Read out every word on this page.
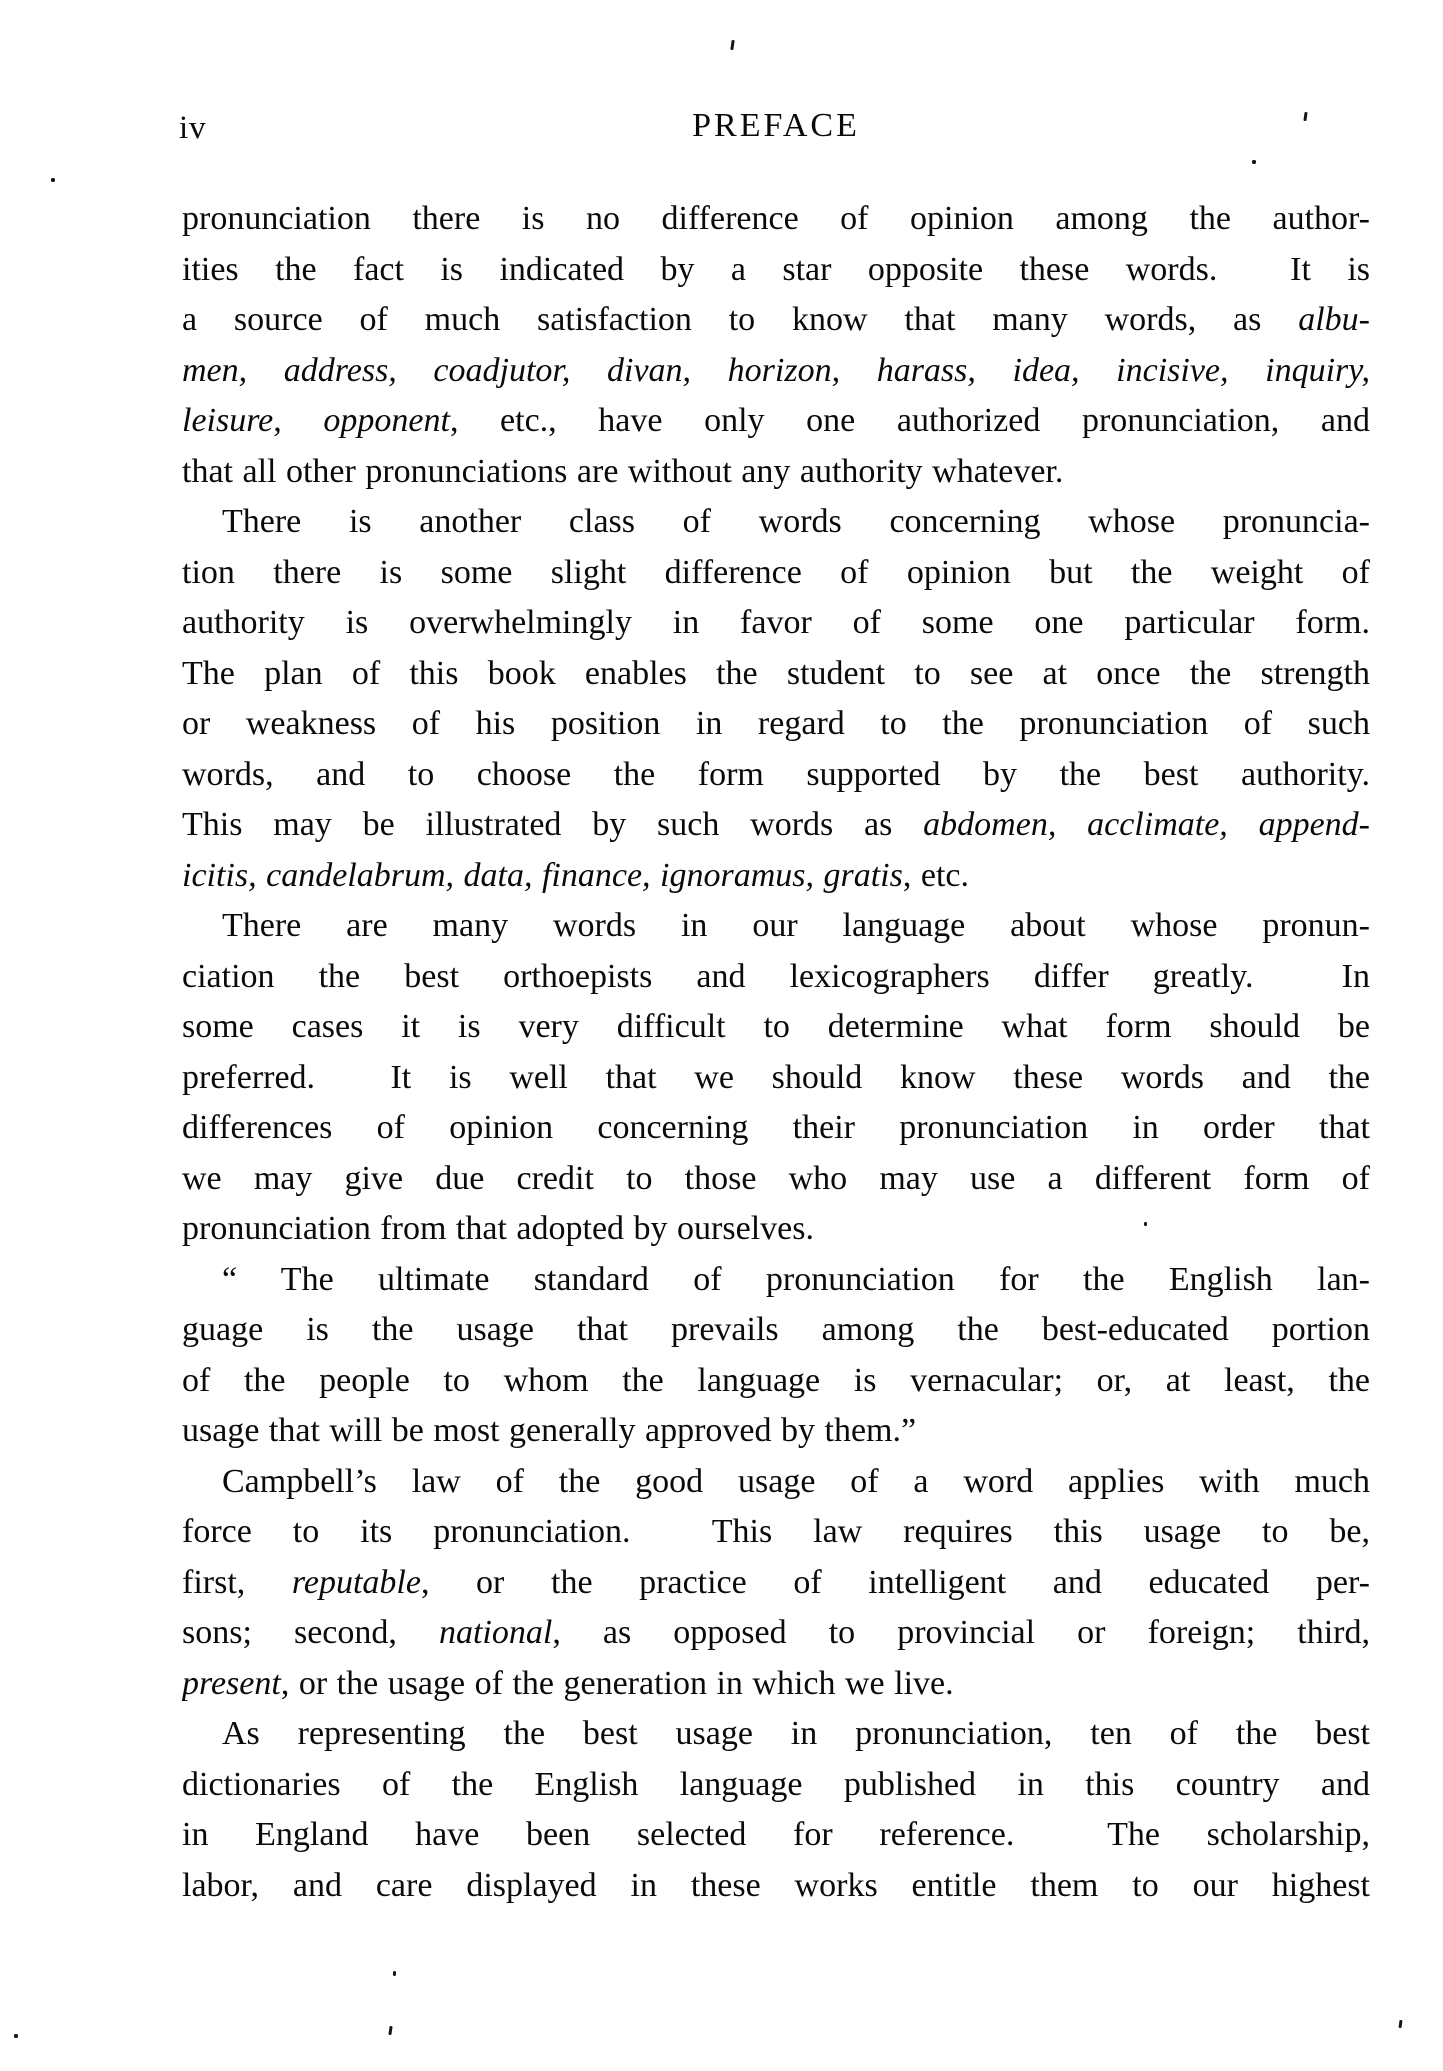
iv	PREFACE
pronunciation there is no difference of opinion among the author-
ities the fact is indicated by a star opposite these words.  It is
a source of much satisfaction to know that many words, as albu-
men, address, coadjutor, divan, horizon, harass, idea, incisive, inquiry,
leisure, opponent, etc., have only one authorized pronunciation, and
that all other pronunciations are without any authority whatever.
There is another class of words concerning whose pronuncia-
tion there is some slight difference of opinion but the weight of
authority is overwhelmingly in favor of some one particular form.
The plan of this book enables the student to see at once the strength
or weakness of his position in regard to the pronunciation of such
words, and to choose the form supported by the best authority.
This may be illustrated by such words as abdomen, acclimate, append-
icitis, candelabrum, data, finance, ignoramus, gratis, etc.
There are many words in our language about whose pronun-
ciation the best orthoepists and lexicographers differ greatly.  In
some cases it is very difficult to determine what form should be
preferred.  It is well that we should know these words and the
differences of opinion concerning their pronunciation in order that
we may give due credit to those who may use a different form of
pronunciation from that adopted by ourselves.
“ The ultimate standard of pronunciation for the English lan-
guage is the usage that prevails among the best-educated portion
of the people to whom the language is vernacular; or, at least, the
usage that will be most generally approved by them.”
Campbell’s law of the good usage of a word applies with much
force to its pronunciation.  This law requires this usage to be,
first, reputable, or the practice of intelligent and educated per-
sons; second, national, as opposed to provincial or foreign; third,
present, or the usage of the generation in which we live.
As representing the best usage in pronunciation, ten of the best
dictionaries of the English language published in this country and
in England have been selected for reference.  The scholarship,
labor, and care displayed in these works entitle them to our highest
